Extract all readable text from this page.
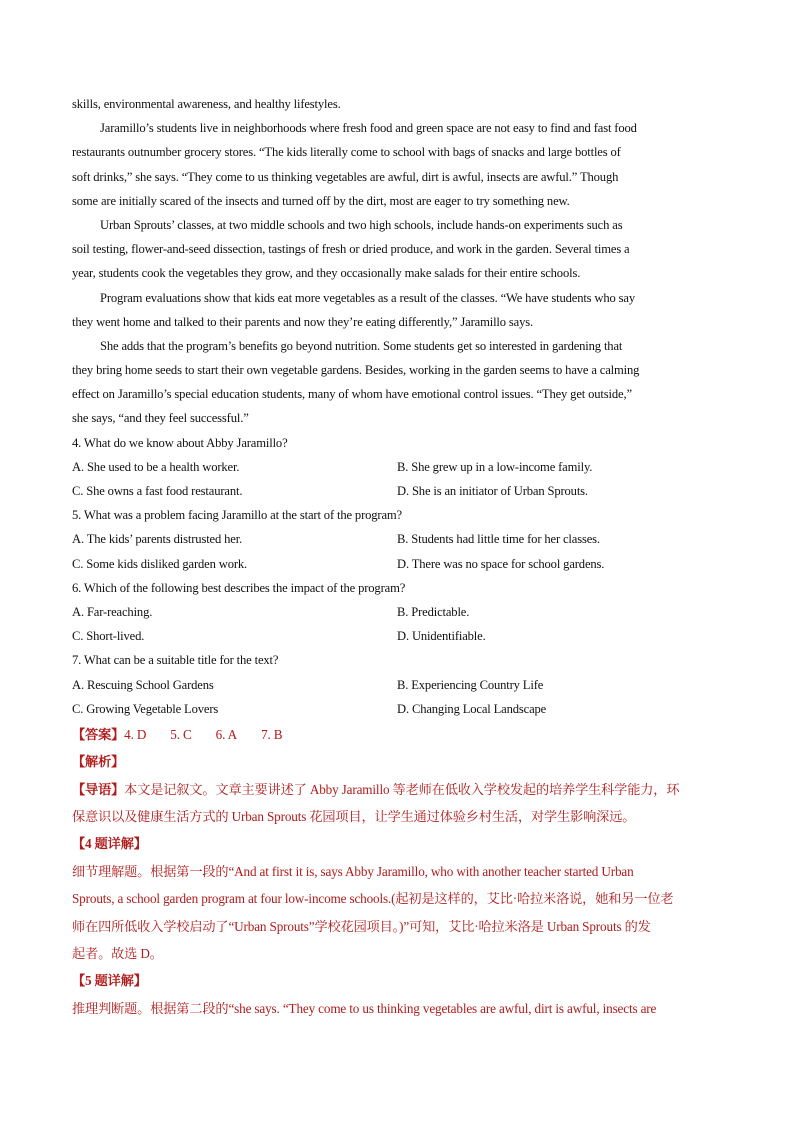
skills, environmental awareness, and healthy lifestyles.
Jaramillo’s students live in neighborhoods where fresh food and green space are not easy to find and fast food
restaurants outnumber grocery stores. “The kids literally come to school with bags of snacks and large bottles of
soft drinks,” she says. “They come to us thinking vegetables are awful, dirt is awful, insects are awful.” Though
some are initially scared of the insects and turned off by the dirt, most are eager to try something new.
Urban Sprouts’ classes, at two middle schools and two high schools, include hands-on experiments such as
soil testing, flower-and-seed dissection, tastings of fresh or dried produce, and work in the garden. Several times a
year, students cook the vegetables they grow, and they occasionally make salads for their entire schools.
Program evaluations show that kids eat more vegetables as a result of the classes. “We have students who say
they went home and talked to their parents and now they’re eating differently,” Jaramillo says.
She adds that the program’s benefits go beyond nutrition. Some students get so interested in gardening that
they bring home seeds to start their own vegetable gardens. Besides, working in the garden seems to have a calming
effect on Jaramillo’s special education students, many of whom have emotional control issues. “They get outside,”
she says, “and they feel successful.”
4. What do we know about Abby Jaramillo?
A. She used to be a health worker.	B. She grew up in a low-income family.
C. She owns a fast food restaurant.	D. She is an initiator of Urban Sprouts.
5. What was a problem facing Jaramillo at the start of the program?
A. The kids’ parents distrusted her.	B. Students had little time for her classes.
C. Some kids disliked garden work.	D. There was no space for school gardens.
6. Which of the following best describes the impact of the program?
A. Far-reaching.	B. Predictable.
C. Short-lived.	D. Unidentifiable.
7. What can be a suitable title for the text?
A. Rescuing School Gardens	B. Experiencing Country Life
C. Growing Vegetable Lovers	D. Changing Local Landscape
【答案】4. D 5. C 6. A 7. B
【解析】
【导语】本文是记叙文。文章主要讲述了 Abby Jaramillo 等老师在低收入学校发起的培养学生科学能力，环
保意识以及健康生活方式的 Urban Sprouts 花园项目，让学生通过体验乡村生活，对学生影响深远。
【4 题详解】
细节理解题。根据第一段的“And at first it is, says Abby Jaramillo, who with another teacher started Urban
Sprouts, a school garden program at four low-income schools.(起初是这样的，艾比·哈拉米洛说，她和另一位老
师在四所低收入学校启动了“Urban Sprouts”学校花园项目。)”可知，艾比·哈拉米洛是 Urban Sprouts 的发
起者。故选 D。
【5 题详解】
推理判断题。根据第二段的“she says. “They come to us thinking vegetables are awful, dirt is awful, insects are
